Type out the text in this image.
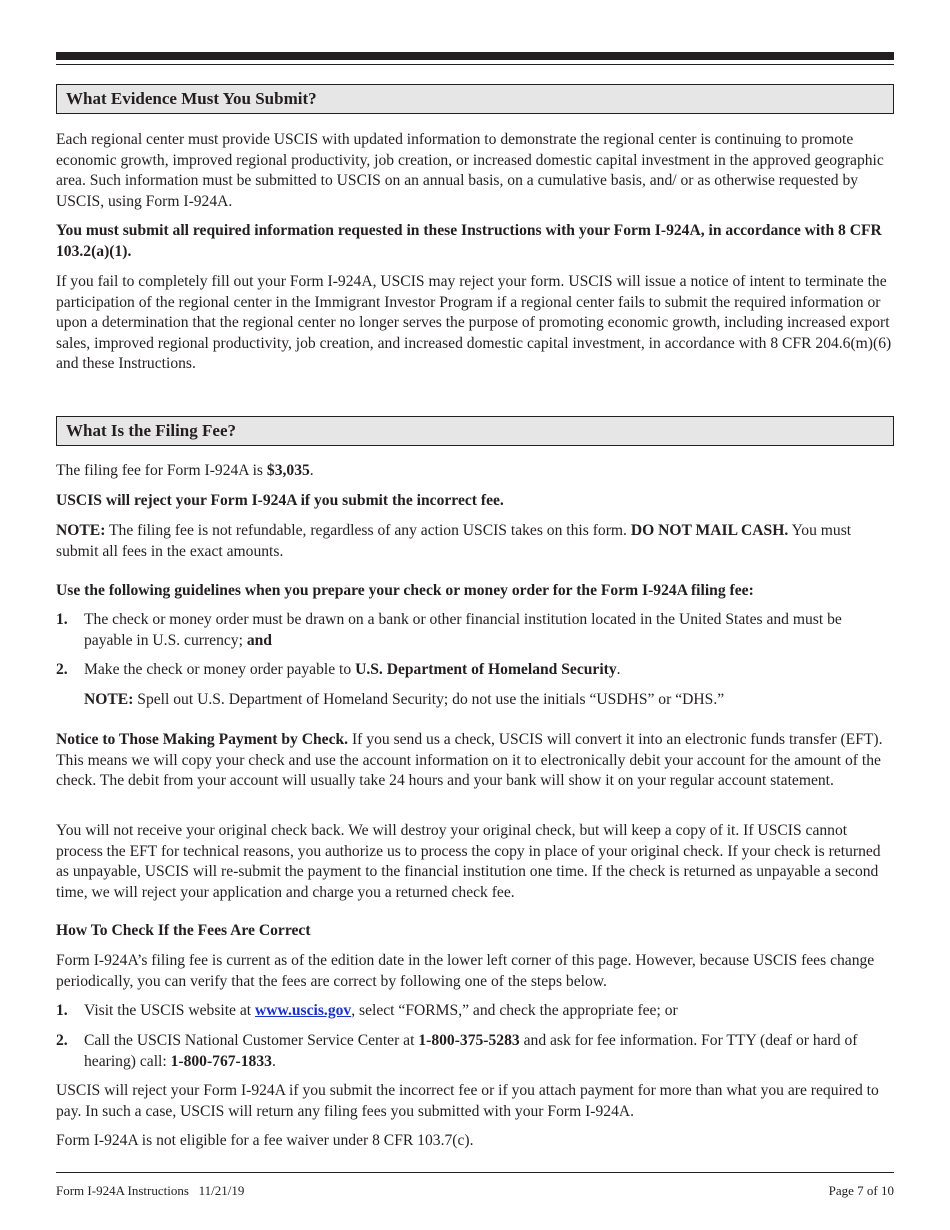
What Evidence Must You Submit?

Each regional center must provide USCIS with updated information to demonstrate the regional center is continuing to promote economic growth, improved regional productivity, job creation, or increased domestic capital investment in the approved geographic area. Such information must be submitted to USCIS on an annual basis, on a cumulative basis, and/ or as otherwise requested by USCIS, using Form I-924A.

You must submit all required information requested in these Instructions with your Form I-924A, in accordance with 8 CFR 103.2(a)(1).

If you fail to completely fill out your Form I-924A, USCIS may reject your form. USCIS will issue a notice of intent to terminate the participation of the regional center in the Immigrant Investor Program if a regional center fails to submit the required information or upon a determination that the regional center no longer serves the purpose of promoting economic growth, including increased export sales, improved regional productivity, job creation, and increased domestic capital investment, in accordance with 8 CFR 204.6(m)(6) and these Instructions.

What Is the Filing Fee?

The filing fee for Form I-924A is $3,035.

USCIS will reject your Form I-924A if you submit the incorrect fee.

NOTE: The filing fee is not refundable, regardless of any action USCIS takes on this form. DO NOT MAIL CASH. You must submit all fees in the exact amounts.

Use the following guidelines when you prepare your check or money order for the Form I-924A filing fee:

1.	The check or money order must be drawn on a bank or other financial institution located in the United States and must be payable in U.S. currency; and
2.	Make the check or money order payable to U.S. Department of Homeland Security.

NOTE: Spell out U.S. Department of Homeland Security; do not use the initials “USDHS” or “DHS.”

Notice to Those Making Payment by Check. If you send us a check, USCIS will convert it into an electronic funds transfer (EFT). This means we will copy your check and use the account information on it to electronically debit your account for the amount of the check. The debit from your account will usually take 24 hours and your bank will show it on your regular account statement.

You will not receive your original check back. We will destroy your original check, but will keep a copy of it. If USCIS cannot process the EFT for technical reasons, you authorize us to process the copy in place of your original check. If your check is returned as unpayable, USCIS will re-submit the payment to the financial institution one time. If the check is returned as unpayable a second time, we will reject your application and charge you a returned check fee.

How To Check If the Fees Are Correct

Form I-924A’s filing fee is current as of the edition date in the lower left corner of this page. However, because USCIS fees change periodically, you can verify that the fees are correct by following one of the steps below.

1.	Visit the USCIS website at www.uscis.gov, select “FORMS,” and check the appropriate fee; or
2.	Call the USCIS National Customer Service Center at 1-800-375-5283 and ask for fee information. For TTY (deaf or hard of hearing) call: 1-800-767-1833.

USCIS will reject your Form I-924A if you submit the incorrect fee or if you attach payment for more than what you are required to pay. In such a case, USCIS will return any filing fees you submitted with your Form I-924A.

Form I-924A is not eligible for a fee waiver under 8 CFR 103.7(c).

Form I-924A Instructions   11/21/19	Page 7 of 10
